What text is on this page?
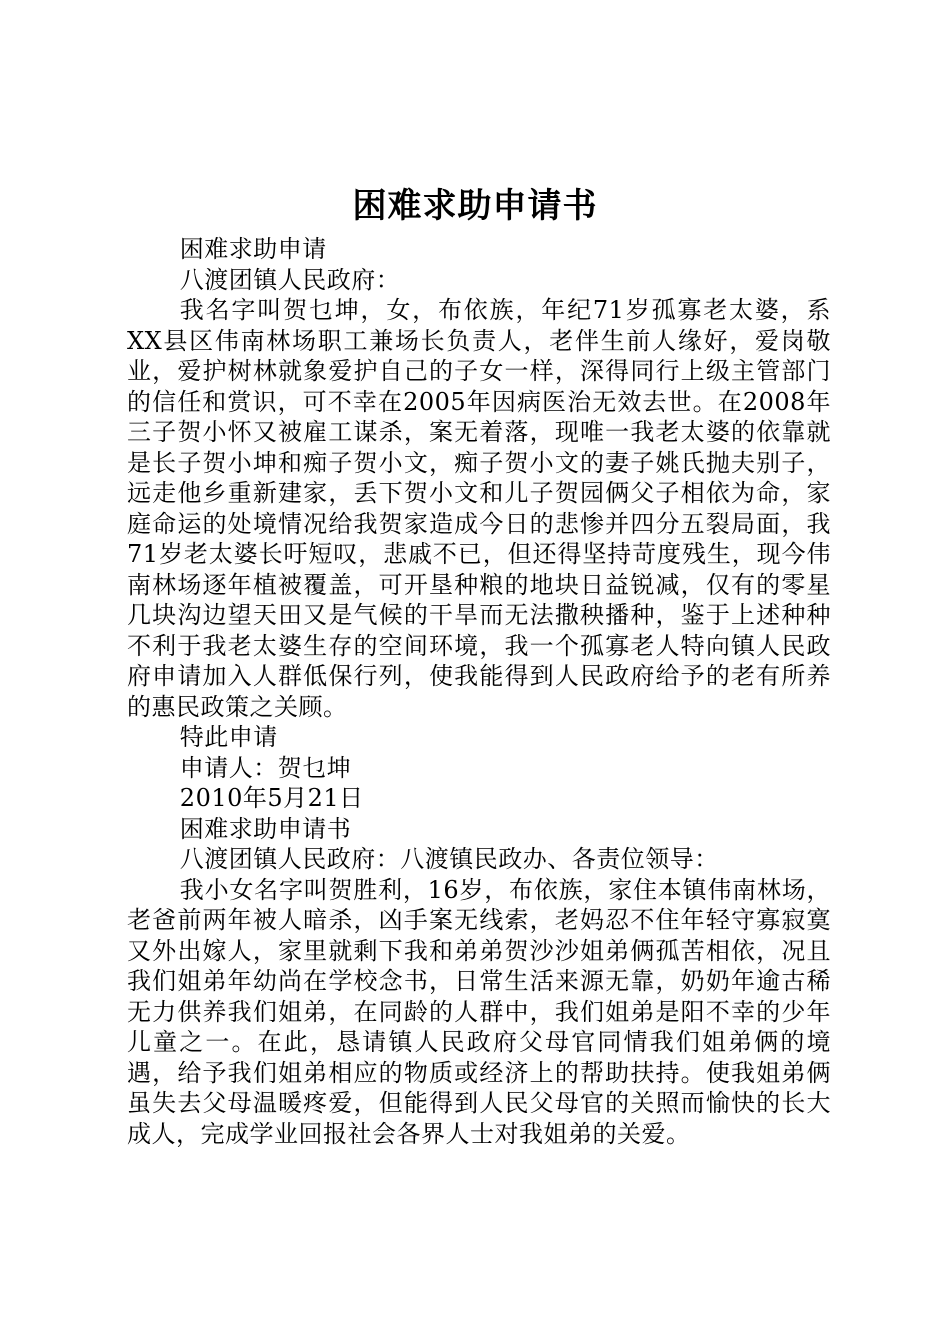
困难求助申请书

困难求助申请

八渡团镇人民政府：

我名字叫贺乜坤，女，布依族，年纪71岁孤寡老太婆，系XX县区伟南林场职工兼场长负责人，老伴生前人缘好，爱岗敬业，爱护树林就象爱护自己的子女一样，深得同行上级主管部门的信任和赏识，可不幸在2005年因病医治无效去世。在2008年三子贺小怀又被雇工谋杀，案无着落，现唯一我老太婆的依靠就是长子贺小坤和痴子贺小文，痴子贺小文的妻子姚氏抛夫别子，远走他乡重新建家，丢下贺小文和儿子贺园俩父子相依为命，家庭命运的处境情况给我贺家造成今日的悲惨并四分五裂局面，我71岁老太婆长吁短叹，悲戚不已，但还得坚持苛度残生，现今伟南林场逐年植被覆盖，可开垦种粮的地块日益锐减，仅有的零星几块沟边望天田又是气候的干旱而无法撒秧播种，鉴于上述种种不利于我老太婆生存的空间环境，我一个孤寡老人特向镇人民政府申请加入人群低保行列，使我能得到人民政府给予的老有所养的惠民政策之关顾。

特此申请

申请人：贺乜坤

2010年5月21日

困难求助申请书

八渡团镇人民政府：八渡镇民政办、各责位领导：

我小女名字叫贺胜利，16岁，布依族，家住本镇伟南林场，老爸前两年被人暗杀，凶手案无线索，老妈忍不住年轻守寡寂寞又外出嫁人，家里就剩下我和弟弟贺沙沙姐弟俩孤苦相依，况且我们姐弟年幼尚在学校念书，日常生活来源无靠，奶奶年逾古稀无力供养我们姐弟，在同龄的人群中，我们姐弟是阳不幸的少年儿童之一。在此，恳请镇人民政府父母官同情我们姐弟俩的境遇，给予我们姐弟相应的物质或经济上的帮助扶持。使我姐弟俩虽失去父母温暖疼爱，但能得到人民父母官的关照而愉快的长大成人，完成学业回报社会各界人士对我姐弟的关爱。
